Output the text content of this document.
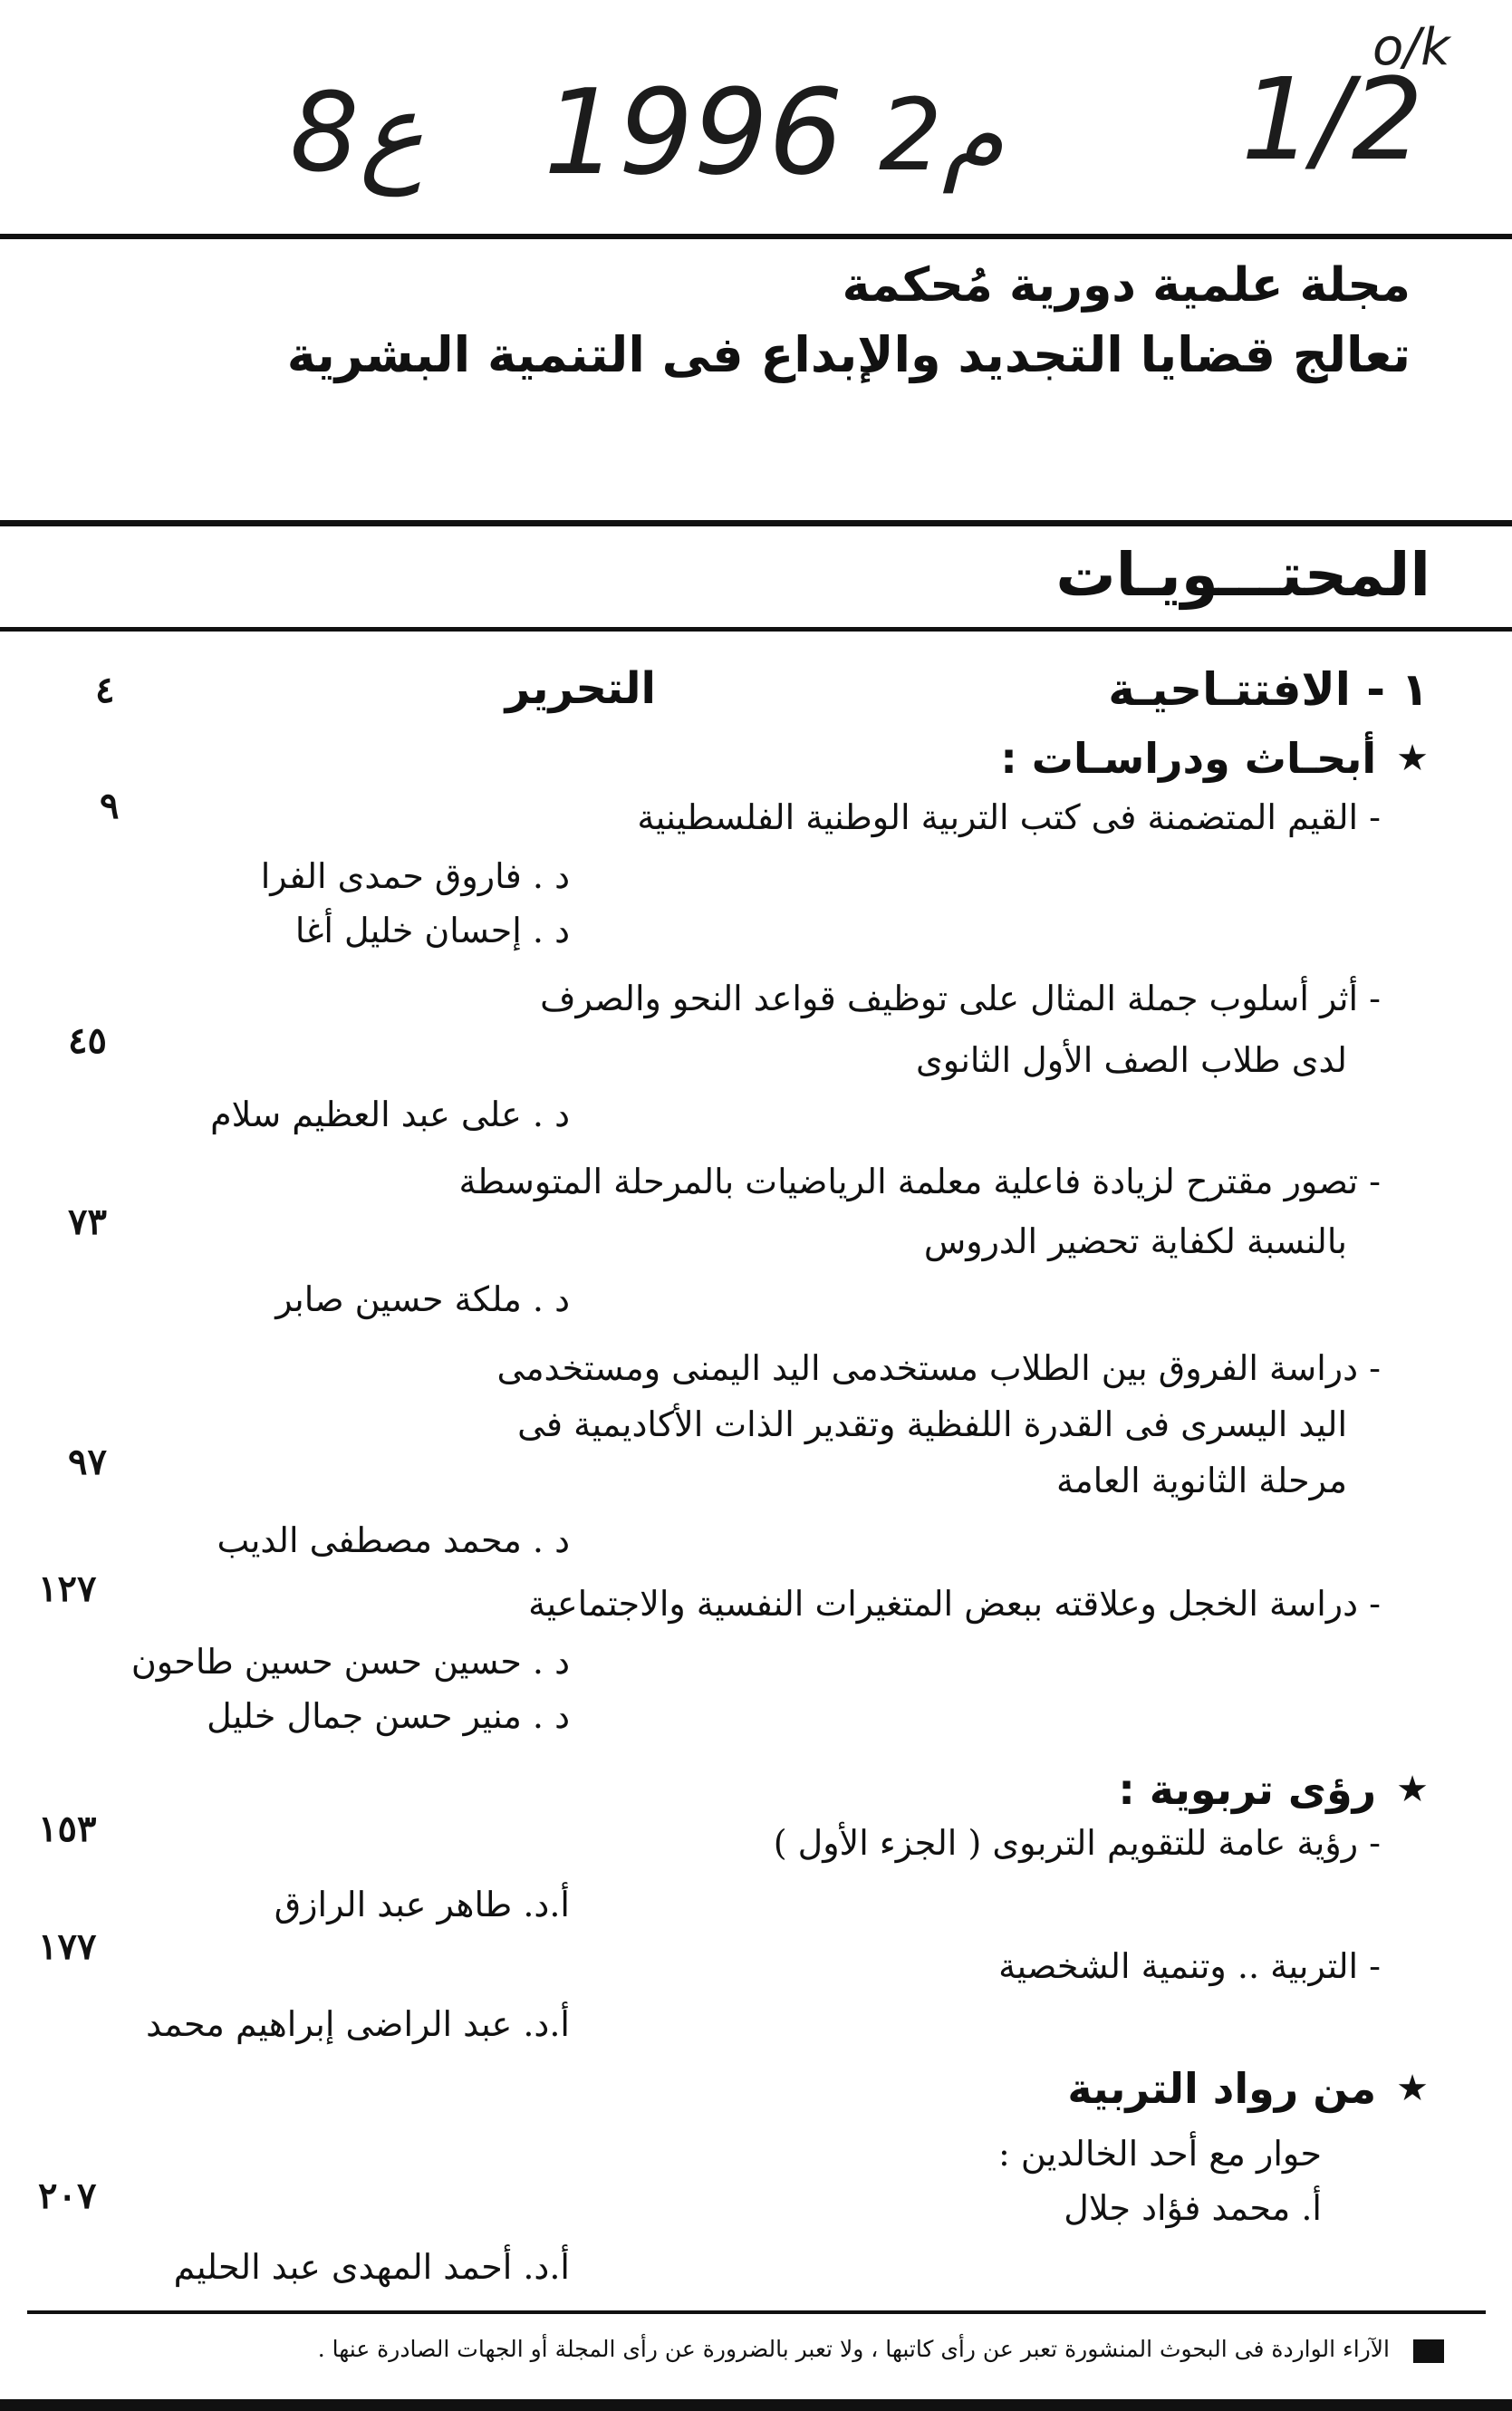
o/k
8ع 1996 2م 1/2
مجلة علمية دورية مُحكمة
تعالج قضايا التجديد والإبداع فى التنمية البشرية
المحتـــويـات
١ - الافتتـاحيـة
التحرير
٤
★
أبحـاث ودراسـات :
- القيم المتضمنة فى كتب التربية الوطنية الفلسطينية
٩
د . فاروق حمدى الفرا
د . إحسان خليل أغا
- أثر أسلوب جملة المثال على توظيف قواعد النحو والصرف
لدى طلاب الصف الأول الثانوى
٤٥
د . على عبد العظيم سلام
- تصور مقترح لزيادة فاعلية معلمة الرياضيات بالمرحلة المتوسطة
بالنسبة لكفاية تحضير الدروس
٧٣
د . ملكة حسين صابر
- دراسة الفروق بين الطلاب مستخدمى اليد اليمنى ومستخدمى
اليد اليسرى فى القدرة اللفظية وتقدير الذات الأكاديمية فى
مرحلة الثانوية العامة
٩٧
د . محمد مصطفى الديب
- دراسة الخجل وعلاقته ببعض المتغيرات النفسية والاجتماعية
١٢٧
د . حسين حسن حسين طاحون
د . منير حسن جمال خليل
★
رؤى تربوية :
- رؤية عامة للتقويم التربوى ( الجزء الأول )
١٥٣
أ.د. طاهر عبد الرازق
- التربية .. وتنمية الشخصية
١٧٧
أ.د. عبد الراضى إبراهيم محمد
★
من رواد التربية
حوار مع أحد الخالدين :
أ. محمد فؤاد جلال
٢٠٧
أ.د. أحمد المهدى عبد الحليم
الآراء الواردة فى البحوث المنشورة تعبر عن رأى كاتبها ، ولا تعبر بالضرورة عن رأى المجلة أو الجهات الصادرة عنها .
